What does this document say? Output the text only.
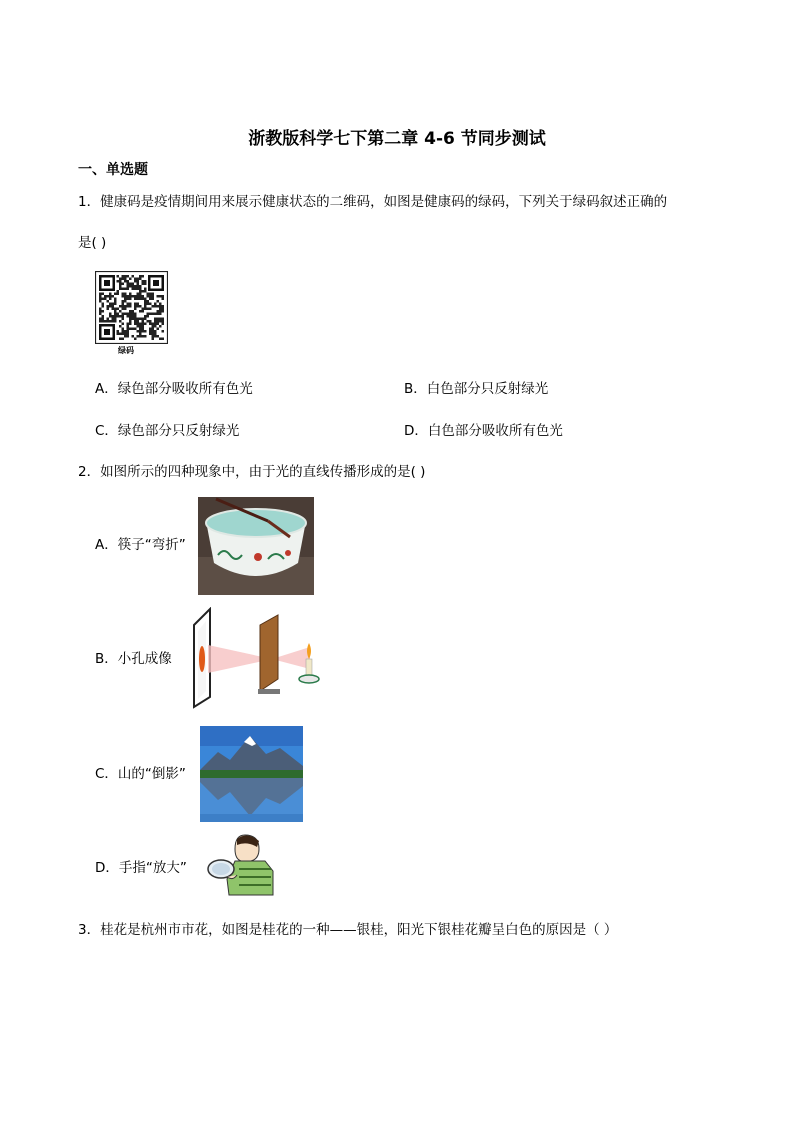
浙教版科学七下第二章 4-6 节同步测试
一、单选题
1．健康码是疫情期间用来展示健康状态的二维码，如图是健康码的绿码，下列关于绿码叙述正确的
是( )
绿码
A．绿色部分吸收所有色光	B．白色部分只反射绿光
C．绿色部分只反射绿光	D．白色部分吸收所有色光
2．如图所示的四种现象中，由于光的直线传播形成的是( )
A．筷子“弯折”
B．小孔成像
C．山的“倒影”
D．手指“放大”
3．桂花是杭州市市花，如图是桂花的一种——银桂，阳光下银桂花瓣呈白色的原因是（ ）
